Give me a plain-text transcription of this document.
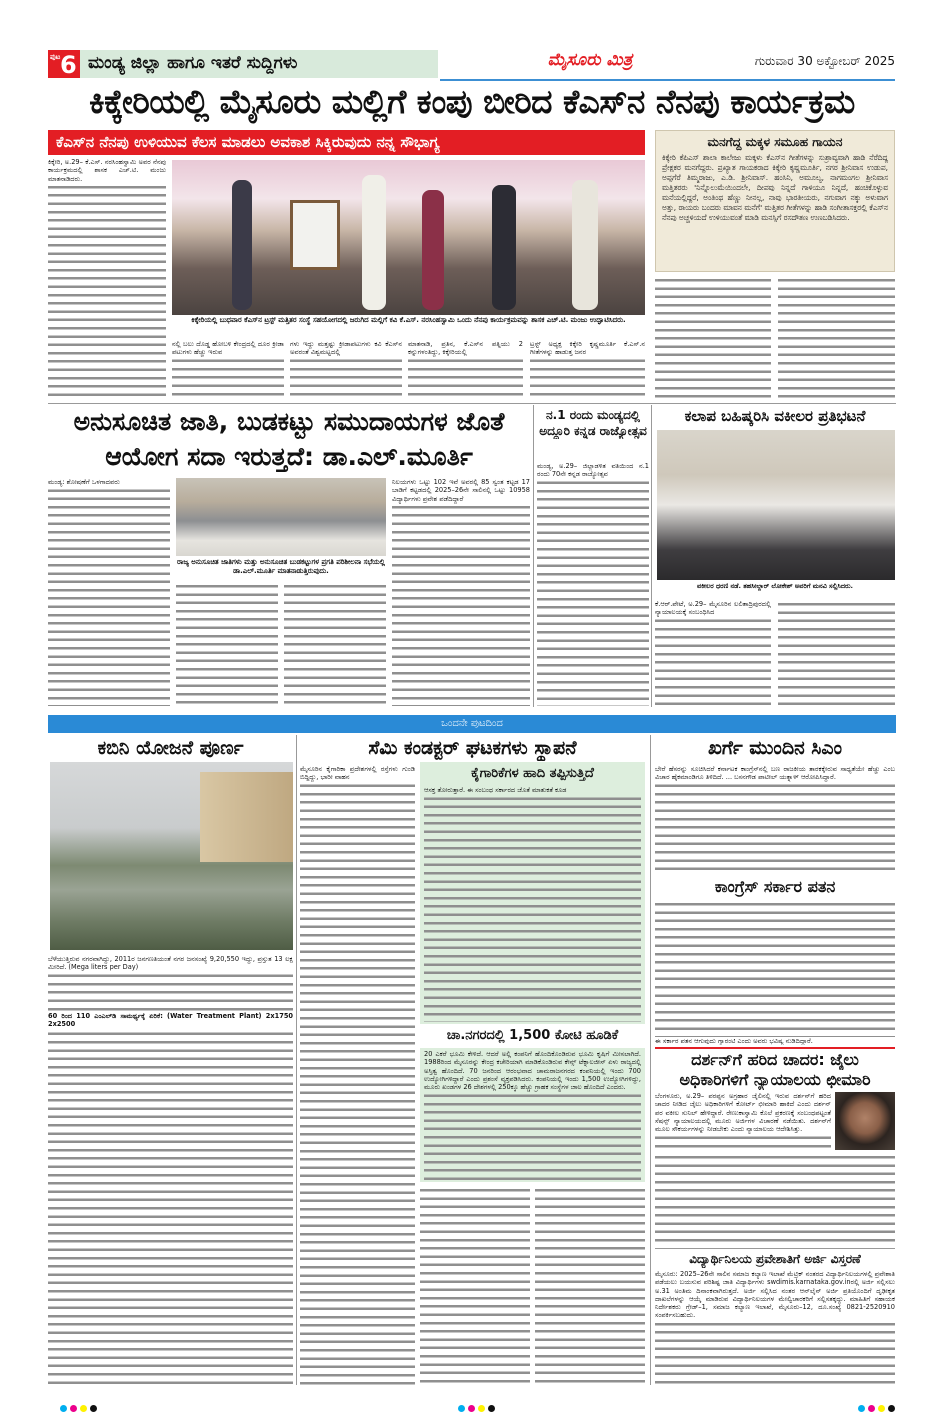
ಪುಟ 6 ಮಂಡ್ಯ ಜಿಲ್ಲಾ ಹಾಗೂ ಇತರೆ ಸುದ್ದಿಗಳು	ಮೈಸೂರು ಮಿತ್ರ	ಗುರುವಾರ 30 ಅಕ್ಟೋಬರ್ 2025
ಕಿಕ್ಕೇರಿಯಲ್ಲಿ ಮೈಸೂರು ಮಲ್ಲಿಗೆ ಕಂಪು ಬೀರಿದ ಕೆಎಸ್‌ನ ನೆನಪು ಕಾರ್ಯಕ್ರಮ
ಕೆಎಸ್‌ನ ನೆನಪು ಉಳಿಯುವ ಕೆಲಸ ಮಾಡಲು ಅವಕಾಶ ಸಿಕ್ಕಿರುವುದು ನನ್ನ ಸೌಭಾಗ್ಯ	ಮನಗೆದ್ದ ಮಕ್ಕಳ ಸಮೂಹ ಗಾಯನ

ಕಿಕ್ಕೇರಿ ಕೆಪಿಎಸ್ ಶಾಲಾ ಕಾಲೇಜು ಮಕ್ಕಳು ಕೆಎಸ್‌ನ ಗೀತೆಗಳನ್ನು ಸುಶ್ರಾವ್ಯವಾಗಿ ಹಾಡಿ ನೆರೆದಿದ್ದ ಪ್ರೇಕ್ಷಕರ ಮನಗೆದ್ದರು. ಪ್ರಖ್ಯಾತ ಗಾಯಕರಾದ ಕಿಕ್ಕೇರಿ ಕೃಷ್ಣಮೂರ್ತಿ, ನಗರ ಶ್ರೀನಿವಾಸ ಉಡುಪ, ಅಪ್ಪಗೆರೆ ತಿಮ್ಮರಾಜು, ಎ.ಡಿ. ಶ್ರೀನಿವಾಸ್. ಹಂಸಿನಿ, ಅಮೂಲ್ಯ, ನಾಗಮಂಗಲ ಶ್ರೀನಿವಾಸ ಮತ್ತಿತರರು 'ನಿನ್ನೊಲುಮೆಯಿಂದಲೇ, ದೀಪವು ನಿನ್ನದೆ ಗಾಳಿಯೂ ನಿನ್ನದೆ, ಹಂಚಿಕೊಳ್ಳುವ ಮನೆಯಲ್ಲಿದ್ದರೆ, ಅಂತಿಂಥ ಹೆಣ್ಣು ನೀನಲ್ಲ, ನಾವು ಭಾರತೀಯರು, ನಗುವಾಗ ನಕ್ಕು ಅಳುವಾಗ ಅತ್ತು, ರಾಯರು ಬಂದರು ಮಾವನ ಮನೆಗೆ' ಮತ್ತಿತರ ಗೀತೆಗಳನ್ನು ಹಾಡಿ ಸಂಗೀತಾಸಕ್ತರಲ್ಲಿ ಕೆಎಸ್‌ನ ನೆನಪು ಅಚ್ಚಳಿಯದೆ ಉಳಿಯುವಂತೆ ಮಾಡಿ ಮನಸ್ಸಿಗೆ ರಸದೌತಣ ಉಣಬಡಿಸಿದರು.

ಕಿಕ್ಕೇರಿ, ಅ.29– ಕೆ.ಎಸ್. ನರಸಿಂಹಸ್ವಾಮಿ ಅವರ ನೆನಪು ಕಾರ್ಯಕ್ರಮದಲ್ಲಿ ಶಾಸಕ ಎಚ್.ಟಿ. ಮಂಜು ಮಾತನಾಡಿದರು.

ಕಿಕ್ಕೇರಿಯಲ್ಲಿ ಬುಧವಾರ ಕೆಎಸ್‌ನ ಟ್ರಸ್ಟ್ ಮತ್ತಿತರ ಸಂಸ್ಥೆ ಸಹಯೋಗದಲ್ಲಿ ಜರುಗಿದ ಮಲ್ಲಿಗೆ ಕವಿ ಕೆ.ಎಸ್. ನರಸಿಂಹಸ್ವಾಮಿ ಒಂದು ನೆನಪು ಕಾರ್ಯಕ್ರಮವನ್ನು ಶಾಸಕ ಎಚ್.ಟಿ. ಮಂಜು ಉದ್ಘಾಟಿಸಿದರು.

ನಲ್ಲಿ ಬಲು ದೊಡ್ಡ ಹೋಬಳಿ ಕೇಂದ್ರದಲ್ಲಿ ದೂರ ಕ್ರೀಡಾ ಪಟುಗಳು ಹೆಚ್ಚು ಇರುವ

ಗಳು ಇದ್ದು ಮತ್ತಷ್ಟು ಕ್ರೀಡಾಪಟುಗಳು ಕವಿ ಕೆಎಸ್‌ನ ಅವರಂತೆ ವಿಶ್ವಮಟ್ಟದಲ್ಲಿ

ಮಾತನಾಡಿ, ಪ್ರತಿನ, ಕೆ.ಎಸ್‌ನ ಪತ್ನಿಯು 2 ಕನ್ನುಗಳಂತಿದ್ದು, ಕಿಕ್ಕೇರಿಯಲ್ಲಿ

ಟ್ರಸ್ಟ್ ಅಧ್ಯಕ್ಷ ಕಿಕ್ಕೇರಿ ಕೃಷ್ಣಮೂರ್ತಿ ಕೆ.ಎಸ್.ನ ಗೀತೆಗಳನ್ನು ಹಾಡುತ್ತ ಜನರ

ಅನುಸೂಚಿತ ಜಾತಿ, ಬುಡಕಟ್ಟು ಸಮುದಾಯಗಳ ಜೊತೆ
ಆಯೋಗ ಸದಾ ಇರುತ್ತದೆ: ಡಾ.ಎಲ್.ಮೂರ್ತಿ

ಮಂಡ್ಯ: ಶೋಷಣೆಗೆ ಒಳಗಾದವರು

ರಾಜ್ಯ ಅನುಸೂಚಿತ ಜಾತಿಗಳು ಮತ್ತು ಅನುಸೂಚಿತ ಬುಡಕಟ್ಟುಗಳ ಪ್ರಗತಿ ಪರಿಶೀಲನಾ ಸಭೆಯಲ್ಲಿ ಡಾ.ಎಲ್.ಮೂರ್ತಿ ಮಾತನಾಡುತ್ತಿರುವುದು.

ನಿಲಯಗಳು ಒಟ್ಟು 102 ಇವೆ ಅವರಲ್ಲಿ 85 ಸ್ವಂತ ಕಟ್ಟಡ 17 ಬಾಡಿಗೆ ಕಟ್ಟಡದಲ್ಲಿ 2025–26ನೇ ಸಾಲಿನಲ್ಲಿ ಒಟ್ಟು 10958 ವಿದ್ಯಾರ್ಥಿಗಳು ಪ್ರವೇಶ ಪಡೆದಿದ್ದಾರೆ

ನ.1 ರಂದು ಮಂಡ್ಯದಲ್ಲಿ ಅದ್ದೂರಿ ಕನ್ನಡ ರಾಜ್ಯೋತ್ಸವ

ಮಂಡ್ಯ, ಅ.29– ಜಿಲ್ಲಾಡಳಿತ ವತಿಯಿಂದ ನ.1 ರಂದು 70ನೇ ಕನ್ನಡ ರಾಜ್ಯೋತ್ಸವ

ಕಲಾಪ ಬಹಿಷ್ಕರಿಸಿ ವಕೀಲರ ಪ್ರತಿಭಟನೆ
ವಕೀಲರ ಧರಣಿ ನಡೆ. ತಹಸೀಲ್ದಾರ್ ಲೋಕೇಶ್ ಅವರಿಗೆ ಮನವಿ ಸಲ್ಲಿಸಿದರು.

ಕೆ.ಆರ್.ಪೇಟೆ, ಅ.29– ಮೈಸೂರಿನ ಲಲಿತಾದ್ರಿಪುರದಲ್ಲಿ ನ್ಯಾಯಾಲಯಕ್ಕೆ ಸಂಬಂಧಿಸಿದ

ಒಂದನೇ ಪುಟದಿಂದ
ಕಬಿನಿ ಯೋಜನೆ ಪೂರ್ಣ

ಬೆಳೆಯುತ್ತಿರುವ ನಗರವಾಗಿದ್ದು, 2011ರ ಜನಗಣತಿಯಂತೆ ನಗರ ಜನಸಂಖ್ಯೆ 9,20,550 ಇದ್ದು, ಪ್ರಸ್ತುತ 13 ಲಕ್ಷ ಮೀರಿದೆ. (Mega liters per Day)

60 ರಿಂದ 110 ಎಂಎಲ್‌ಡಿ ಸಾಮರ್ಥ್ಯಕ್ಕೆ ಏರಿಕೆ: (Water Treatment Plant) 2x1750 2x2500

ಸೆಮಿ ಕಂಡಕ್ಟರ್ ಘಟಕಗಳು ಸ್ಥಾಪನೆ

ಮೈಸೂರಿನ ಕೈಗಾರಿಕಾ ಪ್ರದೇಶಗಳಲ್ಲಿ ರಸ್ತೆಗಳು ಗುಂಡಿ ಬಿದ್ದಿದ್ದು, ಭಾರೀ ವಾಹನ	ಕೈಗಾರಿಕೆಗಳ ಹಾದಿ ತಪ್ಪಿಸುತ್ತಿದೆ

ಆಸಕ್ತ ತೋರುತ್ತಾರೆ. ಈ ಸಂಬಂಧ ಸರ್ಕಾರದ ಜೊತೆ ಮಾತುಕತೆ ಕೂಡ

ಚಾ.ನಗರದಲ್ಲಿ 1,500 ಕೋಟಿ ಹೂಡಿಕೆ

20 ಎಕರೆ ಭೂಮಿ ಕೇಳಿದೆ. ಆದರೆ ಅಲ್ಲಿ ಕಂಪನಿಗೆ ಹೊಂದಿಕೊಂಡಿರುವ ಭೂಮಿ ಕೃಷಿಗೆ ಮೀಸಲಾಗಿದೆ. 1988ರಿಂದ ಮೈಸೂರನ್ನು ಕೇಂದ್ರ ಕಚೇರಿಯಾಗಿ ಮಾಡಿಕೊಂಡಿರುವ ಕೇನ್ಸ್ ಟೆಕ್ನಾಲಜೀಸ್ ಏಳು ರಾಜ್ಯದಲ್ಲಿ ಅಸ್ತಿತ್ವ ಹೊಂದಿದೆ. 70 ಜನರಿಂದ ಆರಂಭವಾದ ಚಾಮರಾಜನಗರದ ಕಂಪನಿಯಲ್ಲಿ ಇಂದು 700 ಉದ್ಯೋಗಿಗಳಿದ್ದಾರೆ ಎಂದು ಪ್ರಶಂಸೆ ವ್ಯಕ್ತಪಡಿಸಿದರು. ಕಂಪನಿಯಲ್ಲಿ ಇಂದು 1,500 ಉದ್ಯೋಗಿಗಳಿದ್ದು, ಮೂರು ಖಂಡಗಳ 26 ದೇಶಗಳಲ್ಲಿ 250ಕ್ಕೂ ಹೆಚ್ಚು ಗ್ರಾಹಕ ಸಂಸ್ಥೆಗಳ ಜಾಲ ಹೊಂದಿದೆ ಎಂದರು.

ಖರ್ಗೆ ಮುಂದಿನ ಸಿಎಂ

ಬೇರೆ ಹೆಸರನ್ನು ಸೂಚಿಸಿದರೆ ಕರ್ನಾಟಕ ಕಾಂಗ್ರೆಸ್‌ನಲ್ಲಿ ಬಣ ರಾಜಕೀಯ ತಾರಕಕ್ಕೇರುವ ಸಾಧ್ಯತೆಯೇ ಹೆಚ್ಚು ಎಂಬ ವಿಚಾರ ಹೈಕಮಾಂಡಿಗೂ ತಿಳಿದಿದೆ. ... ಬಸನಗೌಡ ಪಾಟೀಲ್ ಯತ್ನಾಳ್ ಆರೋಪಿಸಿದ್ದಾರೆ.

ಕಾಂಗ್ರೆಸ್ ಸರ್ಕಾರ ಪತನ

ಈ ಸರ್ಕಾರ ಪತನ ಆಗುವುದು ಗ್ಯಾರಂಟಿ ಎಂದು ಅವರು ಭವಿಷ್ಯ ನುಡಿದಿದ್ದಾರೆ.

ದರ್ಶನ್‌ಗೆ ಹರಿದ ಚಾದರ: ಜೈಲು
ಅಧಿಕಾರಿಗಳಿಗೆ ನ್ಯಾಯಾಲಯ ಛೀಮಾರಿ

ಬೆಂಗಳೂರು, ಅ.29– ಪರಪ್ಪನ ಅಗ್ರಹಾರ ಜೈಲಿನಲ್ಲಿ ಇರುವ ದರ್ಶನ್‌ಗೆ ಹರಿದ ಚಾದರ ನೀಡಿದ ಜೈಲು ಅಧಿಕಾರಿಗಳಿಗೆ ಕೋರ್ಟ್ ಛೀಮಾರಿ ಹಾಕಿದೆ ಎಂದು ದರ್ಶನ್ ಪರ ವಕೀಲ ಸುನಿಲ್ ಹೇಳಿದ್ದಾರೆ. ರೇಣುಕಾಸ್ವಾಮಿ ಕೊಲೆ ಪ್ರಕರಣಕ್ಕೆ ಸಂಬಂಧಪಟ್ಟಂತೆ ಸೆಷನ್ಸ್ ನ್ಯಾಯಾಲಯದಲ್ಲಿ ಮೂರು ಅರ್ಜಿಗಳ ವಿಚಾರಣೆ ನಡೆಯಿತು. ದರ್ಶನ್‌ಗೆ ಮೂಲ ಸೌಕರ್ಯಗಳನ್ನು ನೀಡಬೇಕು ಎಂದು ನ್ಯಾಯಾಲಯ ಆದೇಶಿಸಿತ್ತು.

ವಿದ್ಯಾರ್ಥಿನಿಲಯ ಪ್ರವೇಶಾತಿಗೆ ಅರ್ಜಿ ವಿಸ್ತರಣೆ

ಮೈಸೂರು: 2025–26ನೇ ಸಾಲಿನ ಸಮಾಜ ಕಲ್ಯಾಣ ಇಲಾಖೆ ಮೆಟ್ರಿಕ್ ನಂತರದ ವಿದ್ಯಾರ್ಥಿನಿಲಯಗಳಲ್ಲಿ ಪ್ರವೇಶಾತಿ ಪಡೆಯಲು ಬಯಸುವ ಪರಿಶಿಷ್ಟ ಜಾತಿ ವಿದ್ಯಾರ್ಥಿಗಳು swdimis.karnataka.gov.inರಲ್ಲಿ ಅರ್ಜಿ ಸಲ್ಲಿಸಲು ಅ.31 ಅಂತಿಮ ದಿನಾಂಕವಾಗಿರುತ್ತದೆ. ಅರ್ಜಿ ಸಲ್ಲಿಸಿದ ನಂತರ ಆನ್‌ಲೈನ್ ಅರ್ಜಿ ಪ್ರತಿಯೊಂದಿಗೆ ದೃಢೀಕೃತ ದಾಖಲೆಗಳನ್ನು ಆಯ್ಕೆ ಮಾಡಿರುವ ವಿದ್ಯಾರ್ಥಿನಿಲಯಗಳ ಮೇಲ್ವಿಚಾರಕರಿಗೆ ಸಲ್ಲಿಸತಕ್ಕದ್ದು. ಮಾಹಿತಿಗೆ ಸಹಾಯಕ ನಿರ್ದೇಶಕರು ಗ್ರೇಡ್–1, ಸಮಾಜ ಕಲ್ಯಾಣ ಇಲಾಖೆ, ಮೈಸೂರು–12, ದೂ.ಸಂಖ್ಯೆ 0821-2520910 ಸಂಪರ್ಕಿಸಬಹುದು.
